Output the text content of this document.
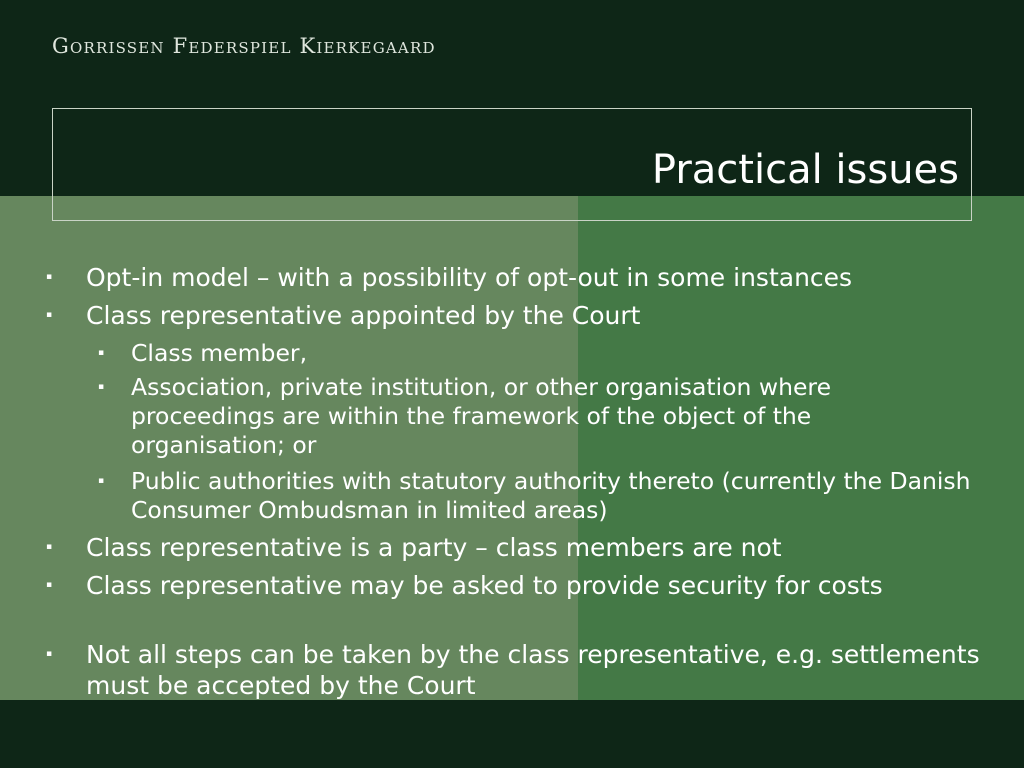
Gorrissen Federspiel Kierkegaard
Practical issues
▪ Opt-in model – with a possibility of opt-out in some instances
▪ Class representative appointed by the Court
▪ Class member,
▪ Association, private institution, or other organisation where proceedings are within the framework of the object of the organisation; or
▪ Public authorities with statutory authority thereto (currently the Danish Consumer Ombudsman in limited areas)
▪ Class representative is a party – class members are not
▪ Class representative may be asked to provide security for costs
▪ Not all steps can be taken by the class representative, e.g. settlements must be accepted by the Court
